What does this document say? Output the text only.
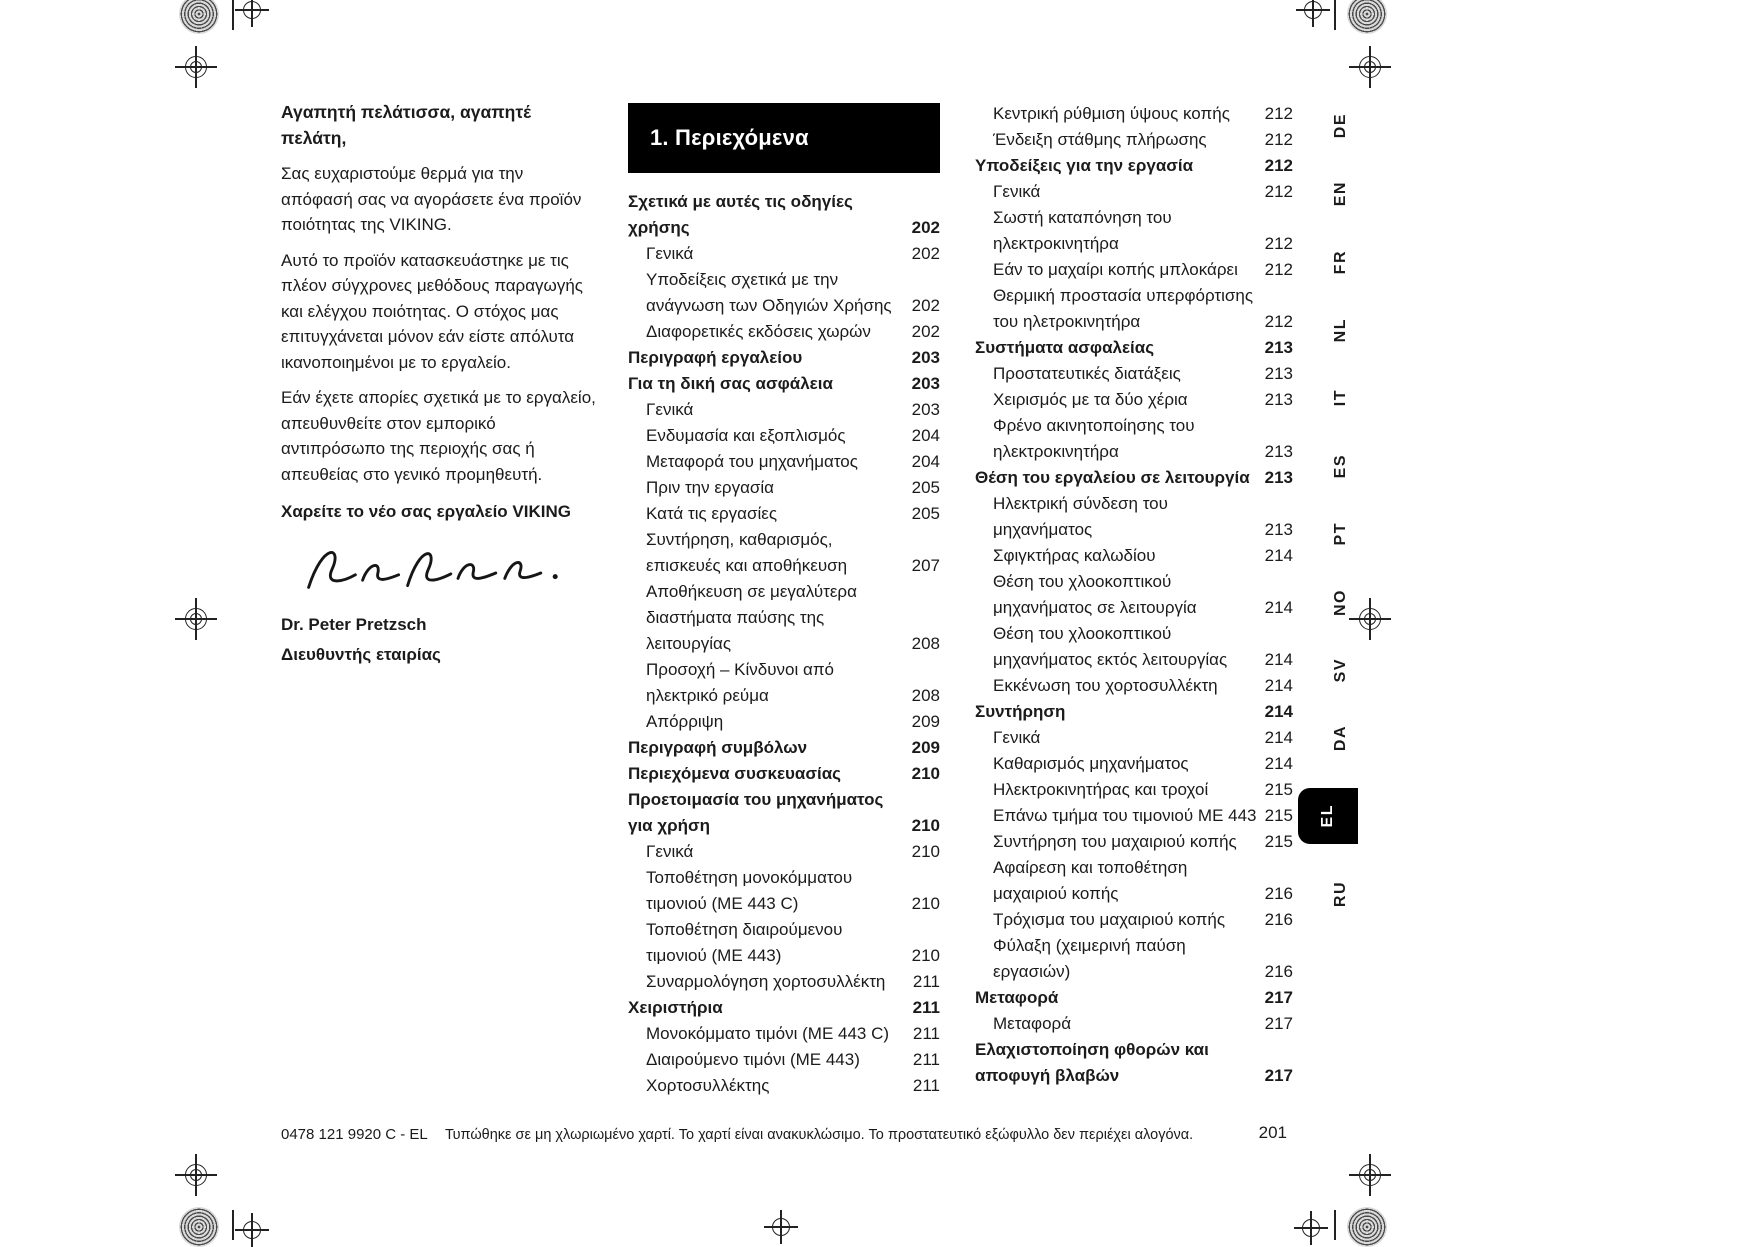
Αγαπητή πελάτισσα, αγαπητέ πελάτη,

Σας ευχαριστούμε θερμά για την απόφασή σας να αγοράσετε ένα προϊόν ποιότητας της VIKING.

Αυτό το προϊόν κατασκευάστηκε με τις πλέον σύγχρονες μεθόδους παραγωγής και ελέγχου ποιότητας. Ο στόχος μας επιτυγχάνεται μόνον εάν είστε απόλυτα ικανοποιημένοι με το εργαλείο.

Εάν έχετε απορίες σχετικά με το εργαλείο, απευθυνθείτε στον εμπορικό αντιπρόσωπο της περιοχής σας ή απευθείας στο γενικό προμηθευτή.

Χαρείτε το νέο σας εργαλείο VIKING

Dr. Peter Pretzsch

Διευθυντής εταιρίας

1. Περιεχόμενα
Σχετικά με αυτές τις οδηγίες χρήσης	202
Γενικά	202
Υποδείξεις σχετικά με την ανάγνωση των Οδηγιών Χρήσης	202
Διαφορετικές εκδόσεις χωρών	202
Περιγραφή εργαλείου	203
Για τη δική σας ασφάλεια	203
Γενικά	203
Ενδυμασία και εξοπλισμός	204
Μεταφορά του μηχανήματος	204
Πριν την εργασία	205
Κατά τις εργασίες	205
Συντήρηση, καθαρισμός, επισκευές και αποθήκευση	207
Αποθήκευση σε μεγαλύτερα διαστήματα παύσης της λειτουργίας	208
Προσοχή – Κίνδυνοι από ηλεκτρικό ρεύμα	208
Απόρριψη	209
Περιγραφή συμβόλων	209
Περιεχόμενα συσκευασίας	210
Προετοιμασία του μηχανήματος για χρήση	210
Γενικά	210
Τοποθέτηση μονοκόμματου τιμονιού (ME 443 C)	210
Τοποθέτηση διαιρούμενου τιμονιού (ME 443)	210
Συναρμολόγηση χορτοσυλλέκτη	211
Χειριστήρια	211
Μονοκόμματο τιμόνι (ME 443 C)	211
Διαιρούμενο τιμόνι (ME 443)	211
Χορτοσυλλέκτης	211
Κεντρική ρύθμιση ύψους κοπής	212
Ένδειξη στάθμης πλήρωσης	212
Υποδείξεις για την εργασία	212
Γενικά	212
Σωστή καταπόνηση του ηλεκτροκινητήρα	212
Εάν το μαχαίρι κοπής μπλοκάρει	212
Θερμική προστασία υπερφόρτισης του ηλετροκινητήρα	212
Συστήματα ασφαλείας	213
Προστατευτικές διατάξεις	213
Χειρισμός με τα δύο χέρια	213
Φρένο ακινητοποίησης του ηλεκτροκινητήρα	213
Θέση του εργαλείου σε λειτουργία 213
Ηλεκτρική σύνδεση του μηχανήματος	213
Σφιγκτήρας καλωδίου	214
Θέση του χλοοκοπτικού μηχανήματος σε λειτουργία	214
Θέση του χλοοκοπτικού μηχανήματος εκτός λειτουργίας	214
Εκκένωση του χορτοσυλλέκτη	214
Συντήρηση	214
Γενικά	214
Καθαρισμός μηχανήματος	214
Ηλεκτροκινητήρας και τροχοί	215
Επάνω τμήμα του τιμονιού ME 443 215
Συντήρηση του μαχαιριού κοπής	215
Αφαίρεση και τοποθέτηση μαχαιριού κοπής	216
Τρόχισμα του μαχαιριού κοπής	216
Φύλαξη (χειμερινή παύση εργασιών)	216
Μεταφορά	217
Μεταφορά	217
Ελαχιστοποίηση φθορών και αποφυγή βλαβών	217
DE
EN
FR
NL
IT
ES
PT
NO
SV
DA
EL
RU
0478 121 9920 C - EL Τυπώθηκε σε μη χλωριωμένο χαρτί. Το χαρτί είναι ανακυκλώσιμο. Το προστατευτικό εξώφυλλο δεν περιέχει αλογόνα.	201
